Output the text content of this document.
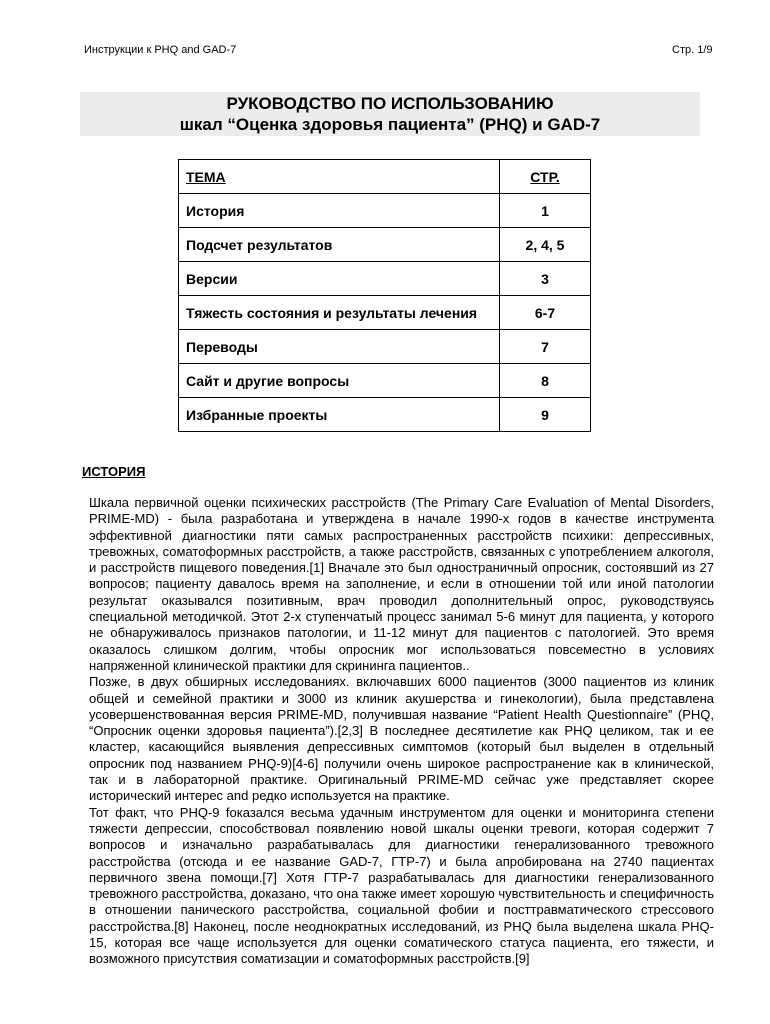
Инструкции к PHQ and GAD-7	Стр. 1/9
РУКОВОДСТВО ПО ИСПОЛЬЗОВАНИЮ
шкал “Оценка здоровья пациента” (PHQ) и GAD-7
ТЕМА	СТР.
История	1
Подсчет результатов	2, 4, 5
Версии	3
Тяжесть состояния и результаты лечения	6-7
Переводы	7
Сайт и другие вопросы	8
Избранные проекты	9
ИСТОРИЯ

Шкала первичной оценки психических расстройств (The Primary Care Evaluation of Mental Disorders, PRIME-MD) - была разработана и утверждена в начале 1990-х годов в качестве инструмента эффективной диагностики пяти самых распространенных расстройств психики: депрессивных, тревожных, соматоформных расстройств, а также расстройств, связанных с употреблением алкоголя, и расстройств пищевого поведения.[1] Вначале это был одностраничный опросник, состоявший из 27 вопросов; пациенту давалось время на заполнение, и если в отношении той или иной патологии результат оказывался позитивным, врач проводил дополнительный опрос, руководствуясь специальной методичкой. Этот 2-х ступенчатый процесс занимал 5-6 минут для пациента, у которого не обнаруживалось признаков патологии, и 11-12 минут для пациентов с патологией. Это время оказалось слишком долгим, чтобы опросник мог использоваться повсеместно в условиях напряженной клинической практики для скрининга пациентов..

Позже, в двух обширных исследованиях. включавших 6000 пациентов (3000 пациентов из клиник общей и семейной практики и 3000 из клиник акушерства и гинекологии), была представлена усовершенствованная версия PRIME-MD, получившая название “Patient Health Questionnaire” (PHQ, “Опросник оценки здоровья пациента”).[2,3] В последнее десятилетие как PHQ целиком, так и ее кластер, касающийся выявления депрессивных симптомов (который был выделен в отдельный опросник под названием PHQ-9)[4-6] получили очень широкое распространение как в клинической, так и в лабораторной практике. Оригинальный PRIME-MD сейчас уже представляет скорее исторический интерес and редко используется на практике.

Тот факт, что PHQ-9 fоказался весьма удачным инструментом для оценки и мониторинга степени тяжести депрессии, способствовал появлению новой шкалы оценки тревоги, которая содержит 7 вопросов и изначально разрабатывалась для диагностики генерализованного тревожного расстройства (отсюда и ее название GAD-7, ГТР-7) и была апробирована на 2740 пациентах первичного звена помощи.[7] Хотя ГТР-7 разрабатывалась для диагностики генерализованного тревожного расстройства, доказано, что она также имеет хорошую чувствительность и специфичность в отношении панического расстройства, социальной фобии и посттравматического стрессового расстройства.[8] Наконец, после неоднократных исследований, из PHQ была выделена шкала PHQ-15, которая все чаще используется для оценки соматического статуса пациента, его тяжести, и возможного присутствия соматизации и соматоформных расстройств.[9]
